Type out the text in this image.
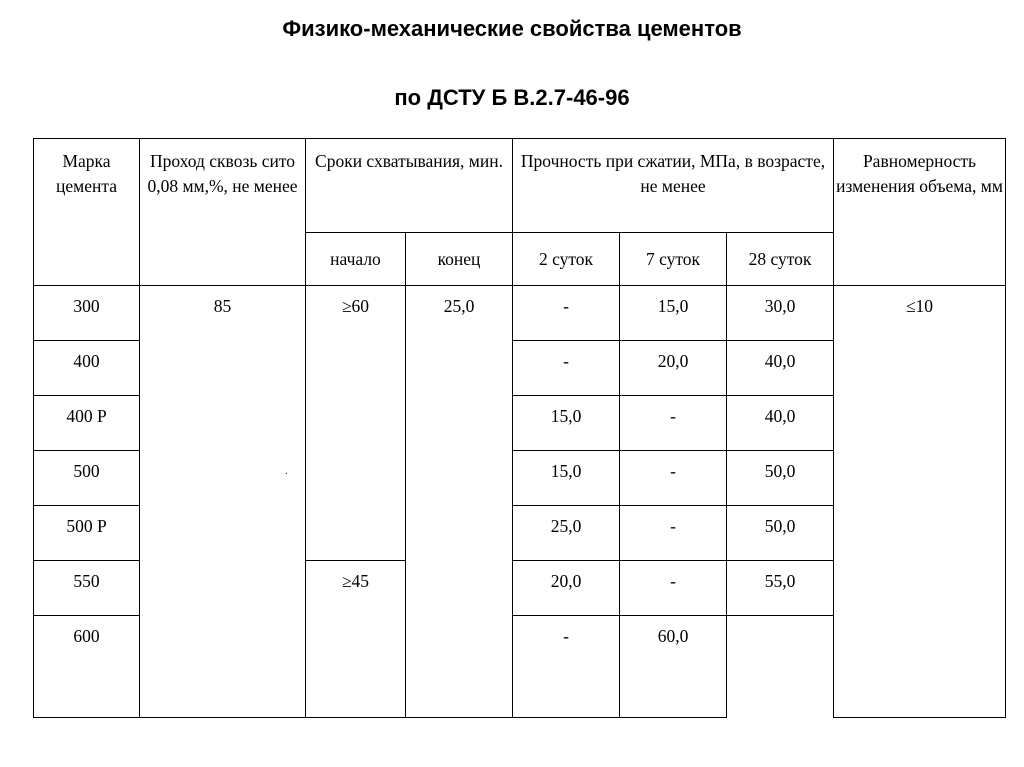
Физико-механические свойства цементов
по ДСТУ Б В.2.7-46-96
Марка цемента	Проход сквозь сито 0,08 мм,%, не менее	Сроки схватывания, мин.		Прочность при сжатии, МПа, в возрасте, не менее			Равномерность изменения объема, мм
		начало	конец	2 суток	7 суток	28 суток	
300	85	≥60	25,0	-	15,0	30,0	≤10
400				-	20,0	40,0	
400 Р				15,0	-	40,0	
500				15,0	-	50,0	
500 Р				25,0	-	50,0	
550		≥45		20,0	-	55,0	
600				-	60,0		
.
